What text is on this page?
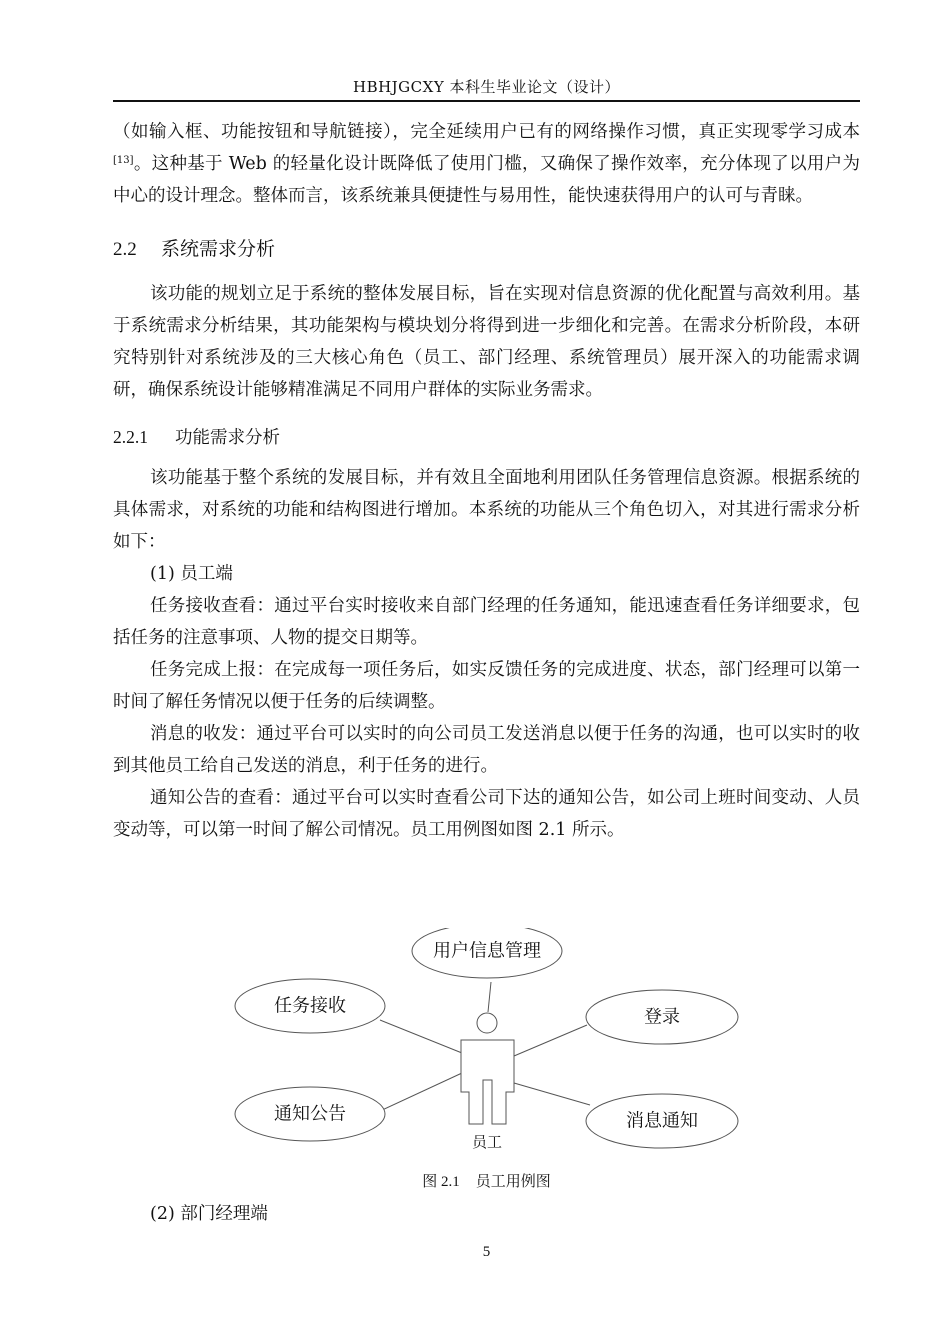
HBHJGCXY 本科生毕业论文（设计）

（如输入框、功能按钮和导航链接），完全延续用户已有的网络操作习惯，真正实现零学习成本[13]。这种基于 Web 的轻量化设计既降低了使用门槛，又确保了操作效率，充分体现了以用户为中心的设计理念。整体而言，该系统兼具便捷性与易用性，能快速获得用户的认可与青睐。

2.2 系统需求分析

该功能的规划立足于系统的整体发展目标，旨在实现对信息资源的优化配置与高效利用。基于系统需求分析结果，其功能架构与模块划分将得到进一步细化和完善。在需求分析阶段，本研究特别针对系统涉及的三大核心角色（员工、部门经理、系统管理员）展开深入的功能需求调研，确保系统设计能够精准满足不同用户群体的实际业务需求。

2.2.1 功能需求分析

该功能基于整个系统的发展目标，并有效且全面地利用团队任务管理信息资源。根据系统的具体需求，对系统的功能和结构图进行增加。本系统的功能从三个角色切入，对其进行需求分析如下：

(1) 员工端

任务接收查看：通过平台实时接收来自部门经理的任务通知，能迅速查看任务详细要求，包括任务的注意事项、人物的提交日期等。

任务完成上报：在完成每一项任务后，如实反馈任务的完成进度、状态，部门经理可以第一时间了解任务情况以便于任务的后续调整。

消息的收发：通过平台可以实时的向公司员工发送消息以便于任务的沟通，也可以实时的收到其他员工给自己发送的消息，利于任务的进行。

通知公告的查看：通过平台可以实时查看公司下达的通知公告，如公司上班时间变动、人员变动等，可以第一时间了解公司情况。员工用例图如图 2.1 所示。

用户信息管理
任务接收
通知公告
登录
消息通知
员工
图 2.1 员工用例图
(2) 部门经理端
5
